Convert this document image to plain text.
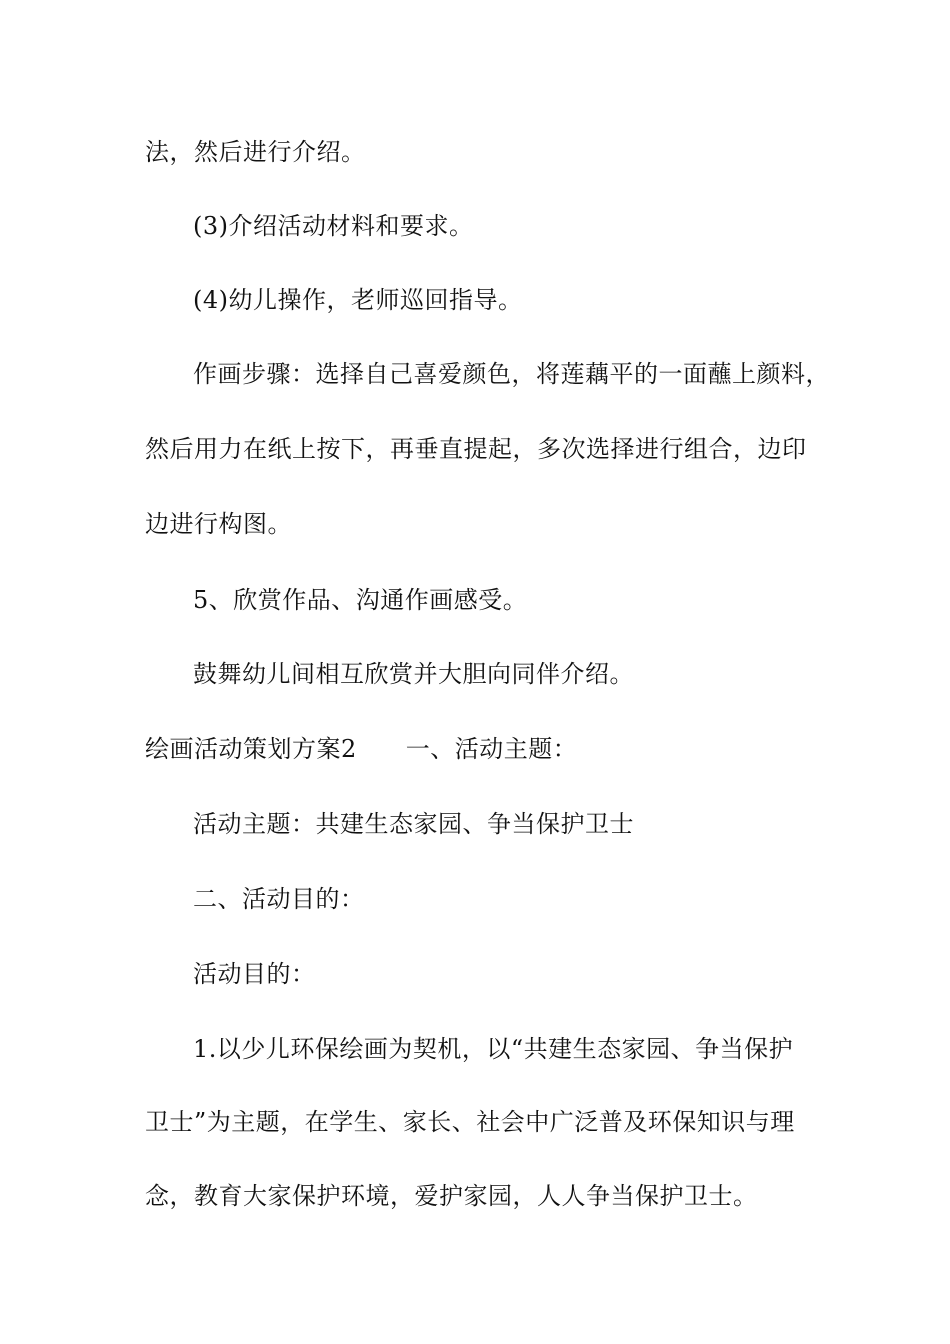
法，然后进行介绍。
(3)介绍活动材料和要求。
(4)幼儿操作，老师巡回指导。
作画步骤：选择自己喜爱颜色，将莲藕平的一面蘸上颜料，
然后用力在纸上按下，再垂直提起，多次选择进行组合，边印
边进行构图。
5、欣赏作品、沟通作画感受。
鼓舞幼儿间相互欣赏并大胆向同伴介绍。
绘画活动策划方案2　　一、活动主题：
活动主题：共建生态家园、争当保护卫士
二、活动目的：
活动目的：
1.以少儿环保绘画为契机，以“共建生态家园、争当保护
卫士”为主题，在学生、家长、社会中广泛普及环保知识与理
念，教育大家保护环境，爱护家园，人人争当保护卫士。
